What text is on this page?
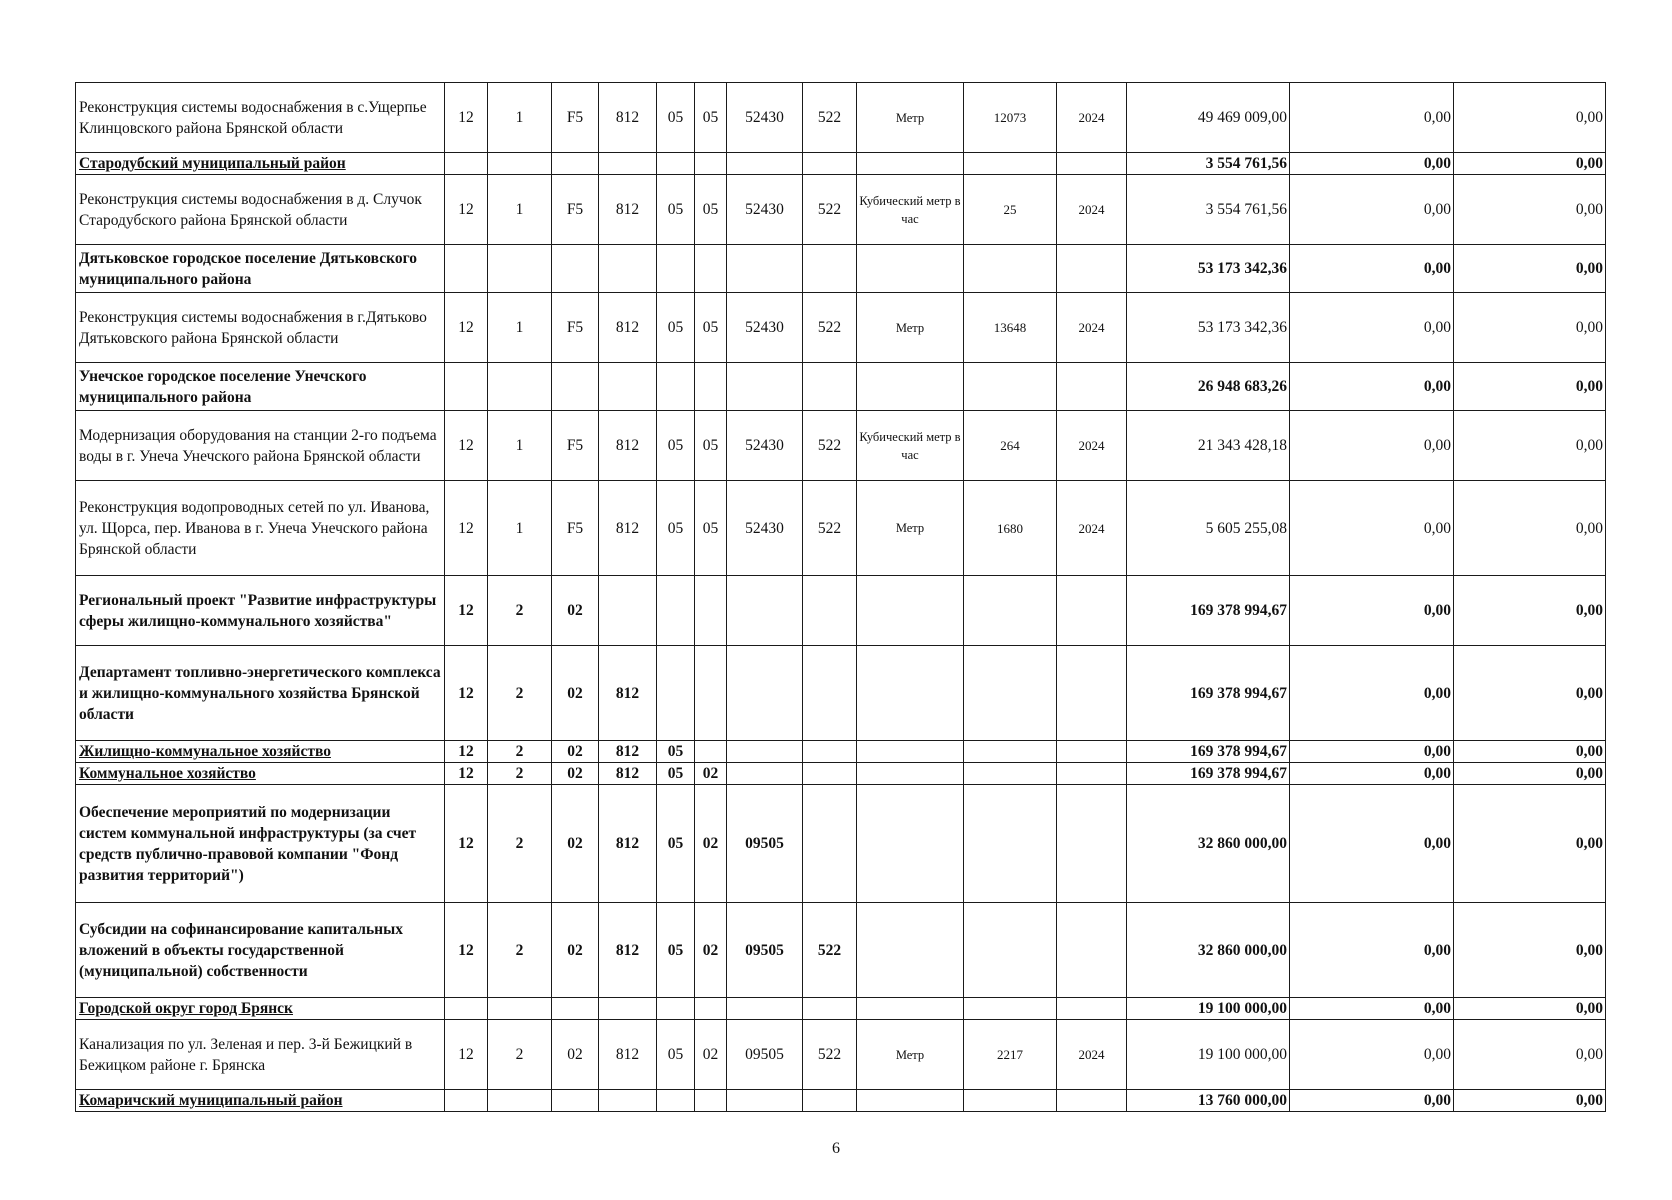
Реконструкция системы водоснабжения в с.Ущерпье Клинцовского района Брянской области	12	1	F5	812	05	05	52430	522	Метр	12073	2024	49 469 009,00	0,00	0,00
Стародубский муниципальный район												3 554 761,56	0,00	0,00
Реконструкция системы водоснабжения в д. Случок Стародубского района Брянской области	12	1	F5	812	05	05	52430	522	Кубический метр в час	25	2024	3 554 761,56	0,00	0,00
Дятьковское городское поселение Дятьковского муниципального района												53 173 342,36	0,00	0,00
Реконструкция системы водоснабжения в г.Дятьково Дятьковского района Брянской области	12	1	F5	812	05	05	52430	522	Метр	13648	2024	53 173 342,36	0,00	0,00
Унечское городское поселение Унечского муниципального района												26 948 683,26	0,00	0,00
Модернизация оборудования на станции 2-го подъема воды в г. Унеча Унечского района Брянской области	12	1	F5	812	05	05	52430	522	Кубический метр в час	264	2024	21 343 428,18	0,00	0,00
Реконструкция водопроводных сетей по ул. Иванова, ул. Щорса, пер. Иванова в г. Унеча Унечского района Брянской области	12	1	F5	812	05	05	52430	522	Метр	1680	2024	5 605 255,08	0,00	0,00
Региональный проект "Развитие инфраструктуры сферы жилищно-коммунального хозяйства"	12	2	02									169 378 994,67	0,00	0,00
Департамент топливно-энергетического комплекса и жилищно-коммунального хозяйства Брянской области	12	2	02	812								169 378 994,67	0,00	0,00
Жилищно-коммунальное хозяйство	12	2	02	812	05							169 378 994,67	0,00	0,00
Коммунальное хозяйство	12	2	02	812	05	02						169 378 994,67	0,00	0,00
Обеспечение мероприятий по модернизации систем коммунальной инфраструктуры (за счет средств публично-правовой компании "Фонд развития территорий")	12	2	02	812	05	02	09505					32 860 000,00	0,00	0,00
Субсидии на софинансирование капитальных вложений в объекты государственной (муниципальной) собственности	12	2	02	812	05	02	09505	522				32 860 000,00	0,00	0,00
Городской округ город Брянск												19 100 000,00	0,00	0,00
Канализация по ул. Зеленая и пер. 3-й Бежицкий в Бежицком районе г. Брянска	12	2	02	812	05	02	09505	522	Метр	2217	2024	19 100 000,00	0,00	0,00
Комаричский муниципальный район												13 760 000,00	0,00	0,00
6
